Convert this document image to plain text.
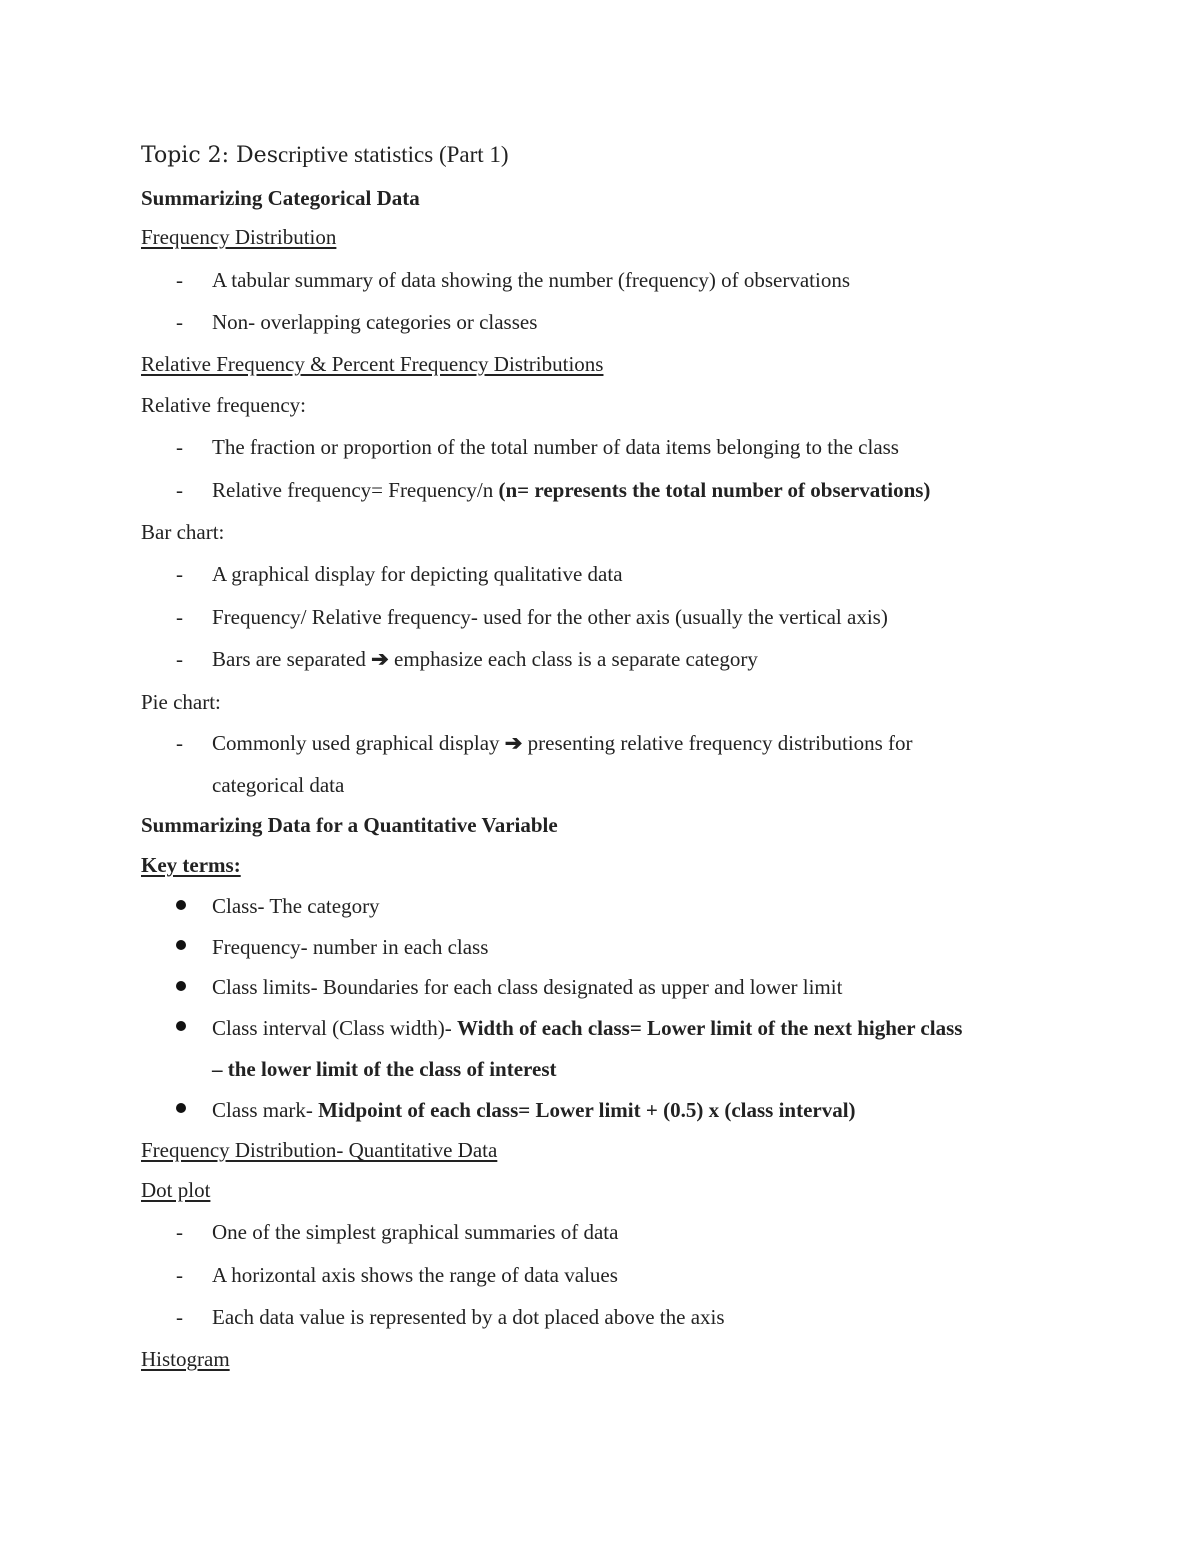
Topic 2: Descriptive statistics (Part 1)
Summarizing Categorical Data
Frequency Distribution
- A tabular summary of data showing the number (frequency) of observations
- Non- overlapping categories or classes
Relative Frequency & Percent Frequency Distributions
Relative frequency:
- The fraction or proportion of the total number of data items belonging to the class
- Relative frequency= Frequency/n (n= represents the total number of observations)
Bar chart:
- A graphical display for depicting qualitative data
- Frequency/ Relative frequency- used for the other axis (usually the vertical axis)
- Bars are separated ➔ emphasize each class is a separate category
Pie chart:
- Commonly used graphical display ➔ presenting relative frequency distributions for
categorical data
Summarizing Data for a Quantitative Variable
Key terms:
Class- The category
Frequency- number in each class
Class limits- Boundaries for each class designated as upper and lower limit
Class interval (Class width)- Width of each class= Lower limit of the next higher class
– the lower limit of the class of interest
Class mark- Midpoint of each class= Lower limit + (0.5) x (class interval)
Frequency Distribution- Quantitative Data
Dot plot
- One of the simplest graphical summaries of data
- A horizontal axis shows the range of data values
- Each data value is represented by a dot placed above the axis
Histogram
